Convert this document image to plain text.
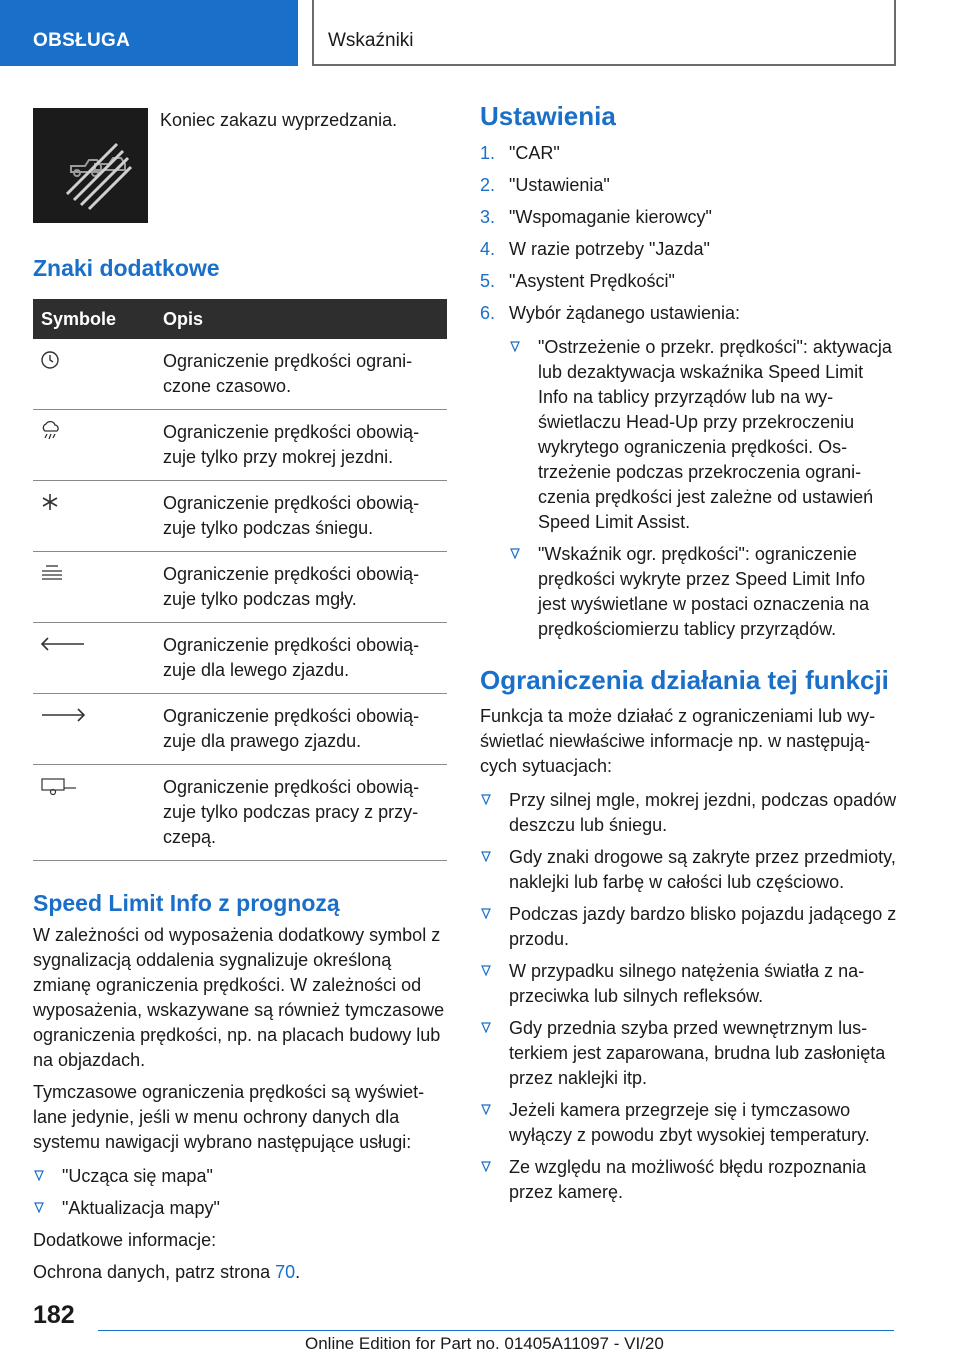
OBSŁUGA	Wskaźniki
Koniec zakazu wyprzedzania.
Znaki dodatkowe
Symbole	Opis
	Ograniczenie prędkości ograniczone czasowo.
	Ograniczenie prędkości obowiązuje tylko przy mokrej jezdni.
	Ograniczenie prędkości obowiązuje tylko podczas śniegu.
	Ograniczenie prędkości obowiązuje tylko podczas mgły.
	Ograniczenie prędkości obowiązuje dla lewego zjazdu.
	Ograniczenie prędkości obowiązuje dla prawego zjazdu.
	Ograniczenie prędkości obowiązuje tylko podczas pracy z przyczepą.
Speed Limit Info z prognozą

W zależności od wyposażenia dodatkowy symbol z sygnalizacją oddalenia sygnalizuje określoną zmianę ograniczenia prędkości. W zależności od wyposażenia, wskazywane są również tymczasowe ograniczenia prędkości, np. na placach budowy lub na objazdach.

Tymczasowe ograniczenia prędkości są wyświetlane jedynie, jeśli w menu ochrony danych dla systemu nawigacji wybrano następujące usługi:

"Ucząca się mapa"
"Aktualizacja mapy"

Dodatkowe informacje:

Ochrona danych, patrz strona 70.

Ustawienia
1. "CAR"
2. "Ustawienia"
3. "Wspomaganie kierowcy"
4. W razie potrzeby "Jazda"
5. "Asystent Prędkości"
6. Wybór żądanego ustawienia:
"Ostrzeżenie o przekr. prędkości": aktywacja lub dezaktywacja wskaźnika Speed Limit Info na tablicy przyrządów lub na wyświetlaczu Head-Up przy przekroczeniu wykrytego ograniczenia prędkości. Ostrzeżenie podczas przekroczenia ograniczenia prędkości jest zależne od ustawień Speed Limit Assist.
"Wskaźnik ogr. prędkości": ograniczenie prędkości wykryte przez Speed Limit Info jest wyświetlane w postaci oznaczenia na prędkościomierzu tablicy przyrządów.
Ograniczenia działania tej funkcji

Funkcja ta może działać z ograniczeniami lub wyświetlać niewłaściwe informacje np. w następujących sytuacjach:

Przy silnej mgle, mokrej jezdni, podczas opadów deszczu lub śniegu.
Gdy znaki drogowe są zakryte przez przedmioty, naklejki lub farbę w całości lub częściowo.
Podczas jazdy bardzo blisko pojazdu jadącego z przodu.
W przypadku silnego natężenia światła z naprzeciwka lub silnych refleksów.
Gdy przednia szyba przed wewnętrznym lusterkiem jest zaparowana, brudna lub zasłonięta przez naklejki itp.
Jeżeli kamera przegrzeje się i tymczasowo wyłączy z powodu zbyt wysokiej temperatury.
Ze względu na możliwość błędu rozpoznania przez kamerę.
182
Online Edition for Part no. 01405A11097 - VI/20
